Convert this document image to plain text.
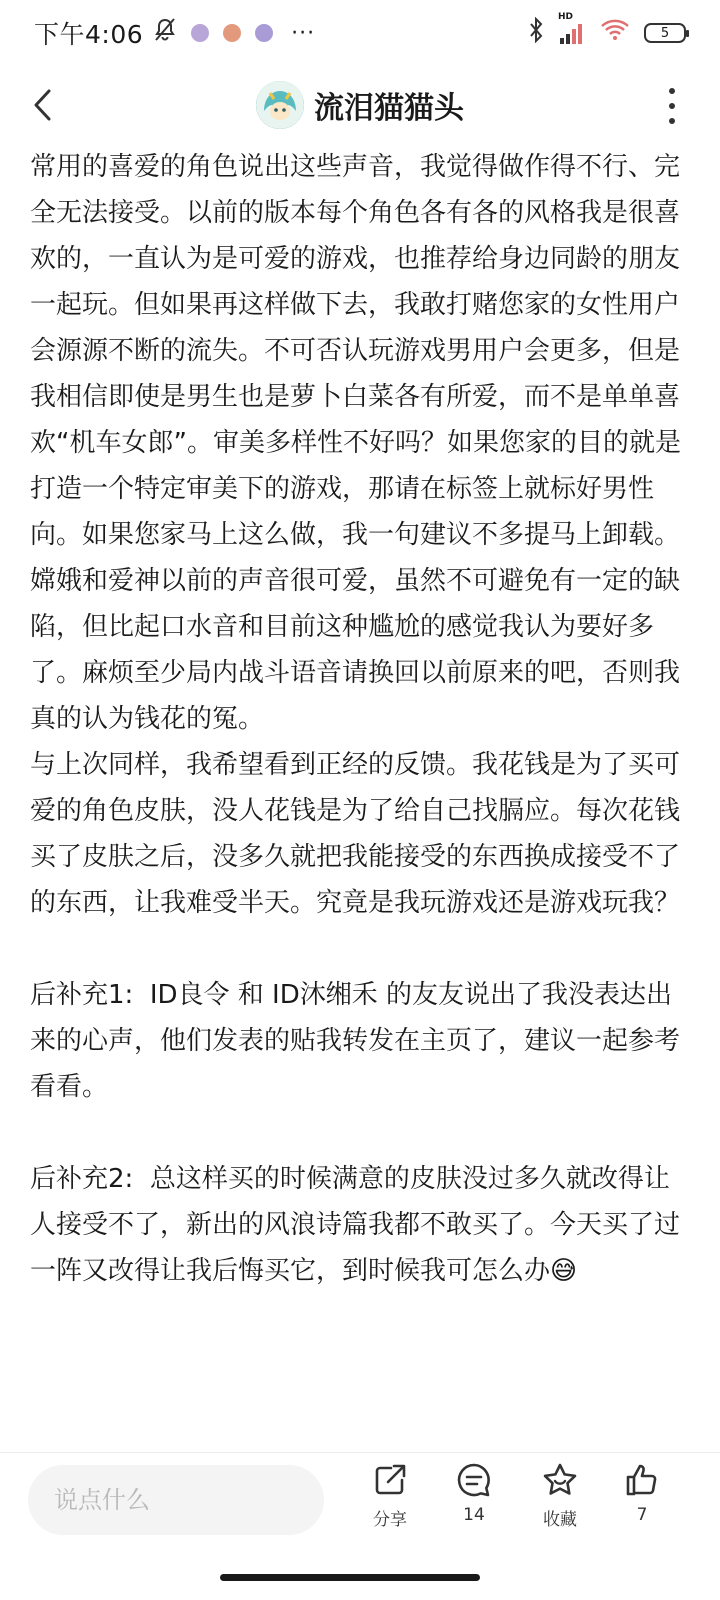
下午4:06	···
HD
5
流泪猫猫头

常用的喜爱的角色说出这些声音，我觉得做作得不行、完全无法接受。以前的版本每个角色各有各的风格我是很喜欢的，一直认为是可爱的游戏，也推荐给身边同龄的朋友一起玩。但如果再这样做下去，我敢打赌您家的女性用户会源源不断的流失。不可否认玩游戏男用户会更多，但是我相信即使是男生也是萝卜白菜各有所爱，而不是单单喜欢“机车女郎”。审美多样性不好吗？如果您家的目的就是打造一个特定审美下的游戏，那请在标签上就标好男性向。如果您家马上这么做，我一句建议不多提马上卸载。

嫦娥和爱神以前的声音很可爱，虽然不可避免有一定的缺陷，但比起口水音和目前这种尴尬的感觉我认为要好多了。麻烦至少局内战斗语音请换回以前原来的吧，否则我真的认为钱花的冤。

与上次同样，我希望看到正经的反馈。我花钱是为了买可爱的角色皮肤，没人花钱是为了给自己找膈应。每次花钱买了皮肤之后，没多久就把我能接受的东西换成接受不了的东西，让我难受半天。究竟是我玩游戏还是游戏玩我？

后补充1:  ID良令 和 ID沐缃禾 的友友说出了我没表达出来的心声，他们发表的贴我转发在主页了，建议一起参考看看。

后补充2:  总这样买的时候满意的皮肤没过多久就改得让人接受不了，新出的风浪诗篇我都不敢买了。今天买了过一阵又改得让我后悔买它，到时候我可怎么办😅

说点什么
分享	14	收藏	7
